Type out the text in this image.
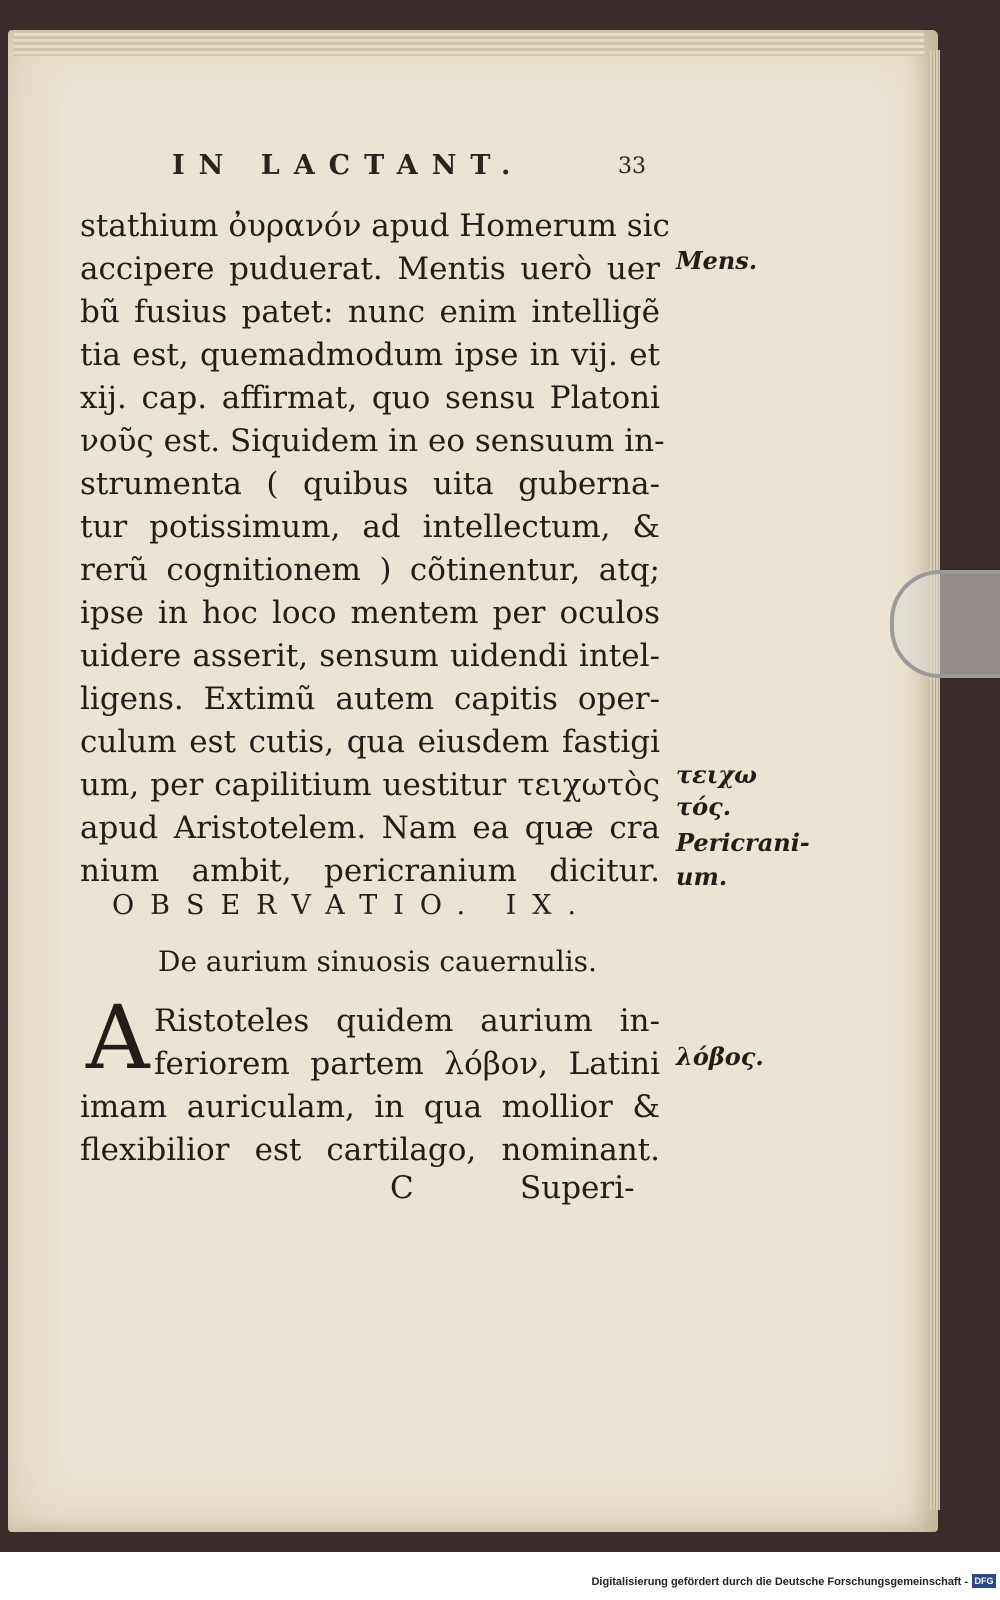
IN LACTANT.	33
stathium ὀυρανόν apud Homerum sic
accipere puduerat. Mentis uerò uer
bũ fusius patet: nunc enim intelligẽ
tia est, quemadmodum ipse in vij. et
xij. cap. affirmat, quo sensu Platoni
νοῦς est. Siquidem in eo sensuum in-
strumenta ( quibus uita guberna-
tur potissimum, ad intellectum, &
rerũ cognitionem ) cõtinentur, atq;
ipse in hoc loco mentem per oculos
uidere asserit, sensum uidendi intel-
ligens. Extimũ autem capitis oper-
culum est cutis, qua eiusdem fastigi
um, per capilitium uestitur τειχωτὸς
apud Aristotelem. Nam ea quæ cra
nium ambit, pericranium dicitur.
Mens.
τειχω
τός.
Pericrani-
um.
λόβος.
OBSERVATIO. IX.
De aurium sinuosis cauernulis.
A Ristoteles quidem aurium in-
feriorem partem λόβον, Latini
imam auriculam, in qua mollior &
flexibilior est cartilago, nominant.
C	Superi-
Digitalisierung gefördert durch die Deutsche Forschungsgemeinschaft - DFG
